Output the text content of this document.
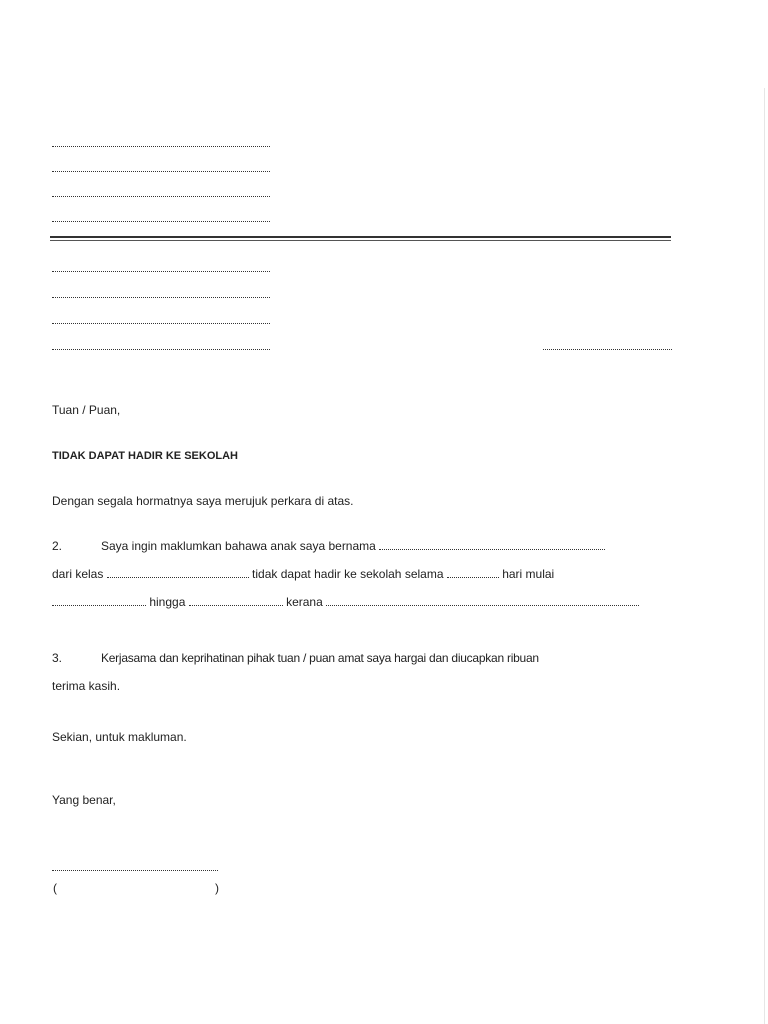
Tuan / Puan,
TIDAK DAPAT HADIR KE SEKOLAH
Dengan segala hormatnya saya merujuk perkara di atas.
2.	Saya ingin maklumkan bahawa anak saya bernama
dari kelas	tidak dapat hadir ke sekolah selama	hari mulai
hingga	kerana
3.	Kerjasama dan keprihatinan pihak tuan / puan amat saya hargai dan diucapkan ribuan
terima kasih.
Sekian, untuk makluman.
Yang benar,
(	)
